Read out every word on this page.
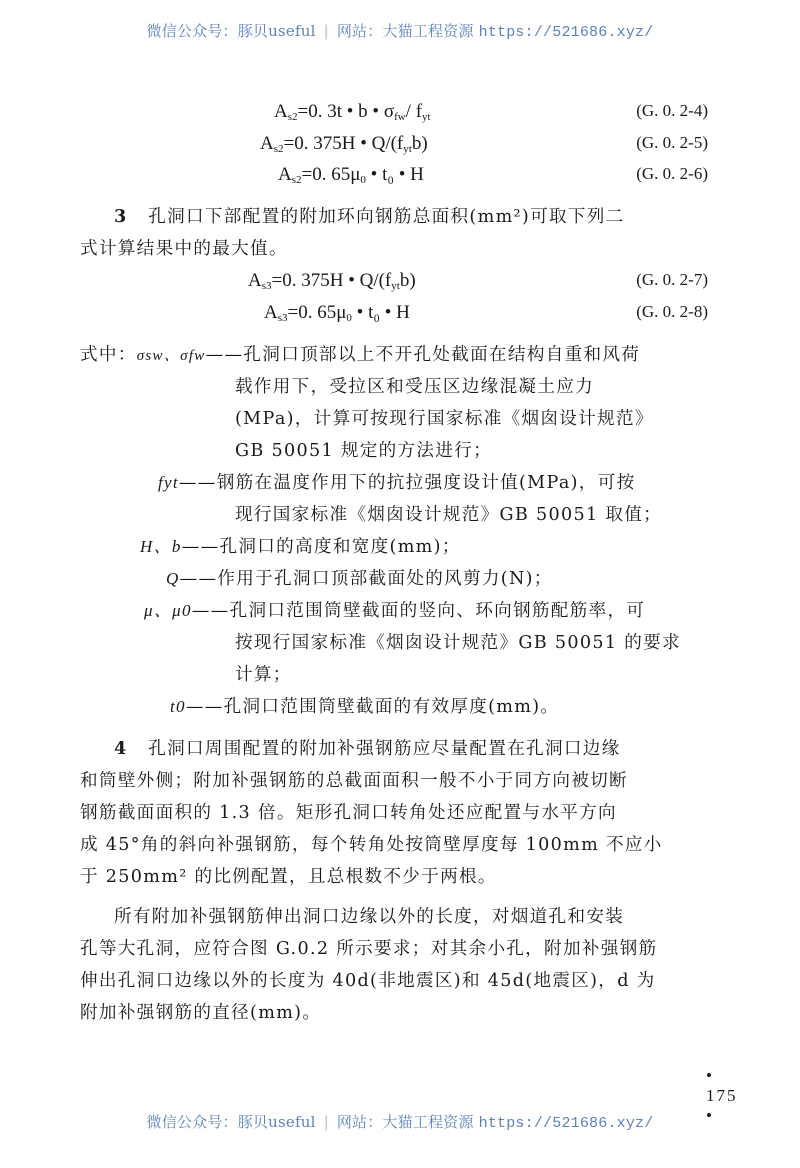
微信公众号：豚贝useful | 网站：大猫工程资源 https://521686.xyz/
$A_{s2}=0$. 3t • b • $\sigma_{fw}/$ $f_{yt}$	(G. 0. 2-4)
$A_{s2}=0$. 375H • $Q/(f_{yt}b)$	(G. 0. 2-5)
$A_{s2}=0$. $65\mu_0$ • t₀ • H	(G. 0. 2-6)
3 孔洞口下部配置的附加环向钢筋总面积(mm²)可取下列二
式计算结果中的最大值。
$A_{s3}=0$. 375H • $Q/(f_{yt}b)$	(G. 0. 2-7)
$A_{s3}=0$. $65\mu_0$ • t₀ • H	(G. 0. 2-8)
式中：σsw、σfw——孔洞口顶部以上不开孔处截面在结构自重和风荷
载作用下，受拉区和受压区边缘混凝土应力
(MPa)，计算可按现行国家标准《烟囱设计规范》
GB 50051 规定的方法进行；
fyt——钢筋在温度作用下的抗拉强度设计值(MPa)，可按
现行国家标准《烟囱设计规范》GB 50051 取值；
H、b——孔洞口的高度和宽度(mm)；
Q——作用于孔洞口顶部截面处的风剪力(N)；
μ、μ0——孔洞口范围筒壁截面的竖向、环向钢筋配筋率，可
按现行国家标准《烟囱设计规范》GB 50051 的要求
计算；
t0——孔洞口范围筒壁截面的有效厚度(mm)。
4 孔洞口周围配置的附加补强钢筋应尽量配置在孔洞口边缘
和筒壁外侧；附加补强钢筋的总截面面积一般不小于同方向被切断
钢筋截面面积的 1.3 倍。矩形孔洞口转角处还应配置与水平方向
成 45°角的斜向补强钢筋，每个转角处按筒壁厚度每 100mm 不应小
于 250mm² 的比例配置，且总根数不少于两根。
所有附加补强钢筋伸出洞口边缘以外的长度，对烟道孔和安装
孔等大孔洞，应符合图 G.0.2 所示要求；对其余小孔，附加补强钢筋
伸出孔洞口边缘以外的长度为 40d(非地震区)和 45d(地震区)，d 为
附加补强钢筋的直径(mm)。
• 175 •
微信公众号：豚贝useful | 网站：大猫工程资源 https://521686.xyz/
